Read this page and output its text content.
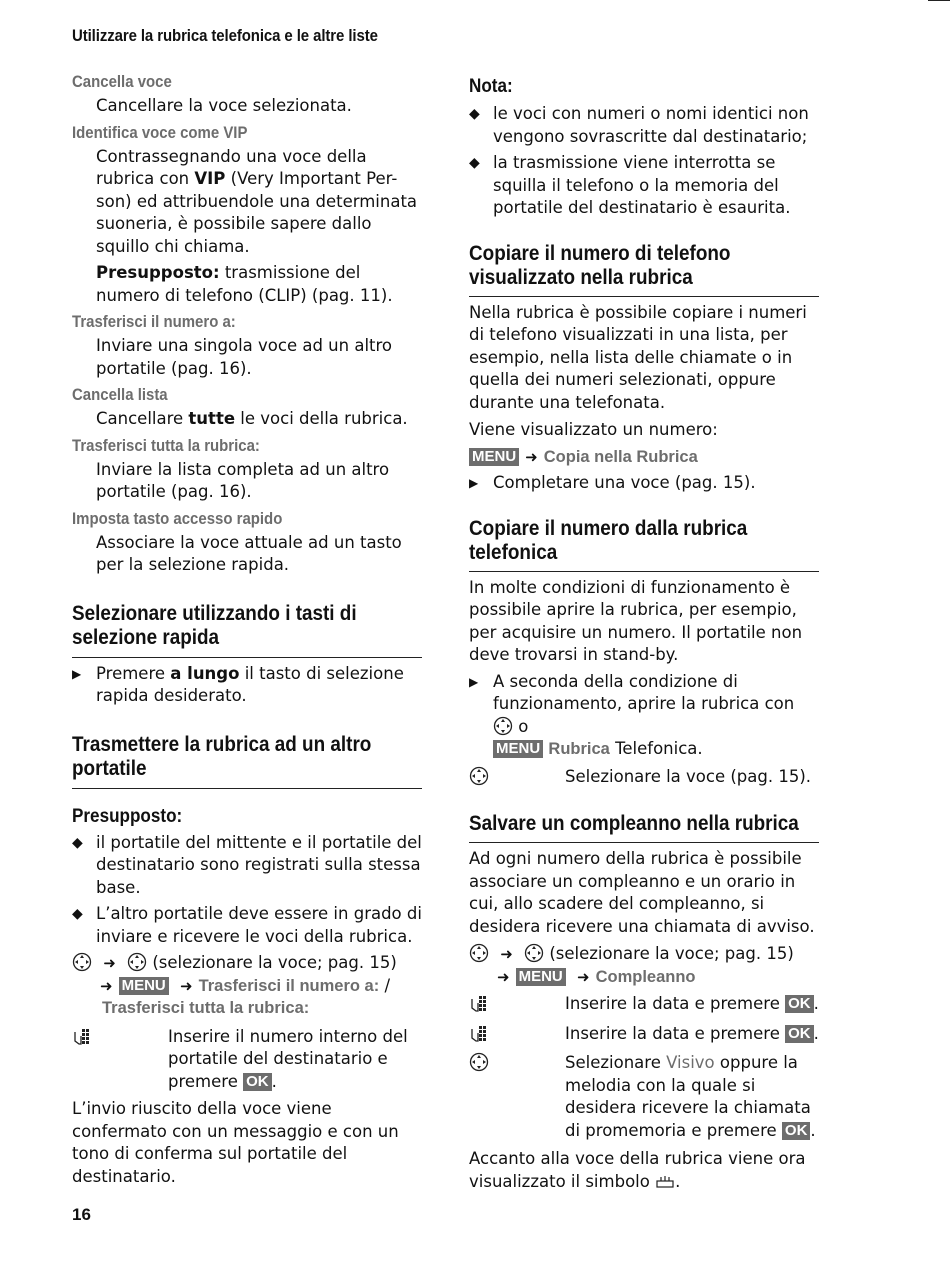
Utilizzare la rubrica telefonica e le altre liste
Cancella voce
Cancellare la voce selezionata.
Identifica voce come VIP
Contrassegnando una voce della
rubrica con VIP (Very Important Per-
son) ed attribuendole una determinata
suoneria, è possibile sapere dallo
squillo chi chiama.
Presupposto: trasmissione del numero di telefono (CLIP) (pag. 11).
Trasferisci il numero a:
Inviare una singola voce ad un altro portatile (pag. 16).
Cancella lista
Cancellare tutte le voci della rubrica.
Trasferisci tutta la rubrica:
Inviare la lista completa ad un altro portatile (pag. 16).
Imposta tasto accesso rapido
Associare la voce attuale ad un tasto per la selezione rapida.
Selezionare utilizzando i tasti di
selezione rapida
▶ Premere a lungo il tasto di selezione rapida desiderato.
Trasmettere la rubrica ad un altro
portatile
Presupposto:
◆ il portatile del mittente e il portatile del destinatario sono registrati sulla stessa base.
◆ L’altro portatile deve essere in grado di inviare e ricevere le voci della rubrica.
➜ (selezionare la voce; pag. 15)
➜ MENU ➜ Trasferisci il numero a: /
Trasferisci tutta la rubrica:
Inserire il numero interno del portatile del destinatario e premere OK .
L’invio riuscito della voce viene confermato con un messaggio e con un tono di conferma sul portatile del destinatario.
Nota:
◆ le voci con numeri o nomi identici non vengono sovrascritte dal destinatario;
◆ la trasmissione viene interrotta se squilla il telefono o la memoria del portatile del destinatario è esaurita.
Copiare il numero di telefono
visualizzato nella rubrica
Nella rubrica è possibile copiare i numeri di telefono visualizzati in una lista, per esempio, nella lista delle chiamate o in quella dei numeri selezionati, oppure durante una telefonata.
Viene visualizzato un numero:
MENU ➜ Copia nella Rubrica
▶ Completare una voce (pag. 15).
Copiare il numero dalla rubrica
telefonica
In molte condizioni di funzionamento è possibile aprire la rubrica, per esempio, per acquisire un numero. Il portatile non deve trovarsi in stand-by.
▶ A seconda della condizione di funzionamento, aprire la rubrica con  o
MENU Rubrica Telefonica.
Selezionare la voce (pag. 15).
Salvare un compleanno nella rubrica
Ad ogni numero della rubrica è possibile associare un compleanno e un orario in cui, allo scadere del compleanno, si desidera ricevere una chiamata di avviso.
➜ (selezionare la voce; pag. 15)
➜ MENU ➜ Compleanno
Inserire la data e premere OK .
Inserire la data e premere OK .
Selezionare Visivo oppure la melodia con la quale si desidera ricevere la chiamata di promemoria e premere OK .
Accanto alla voce della rubrica viene ora visualizzato il simbolo .
16
